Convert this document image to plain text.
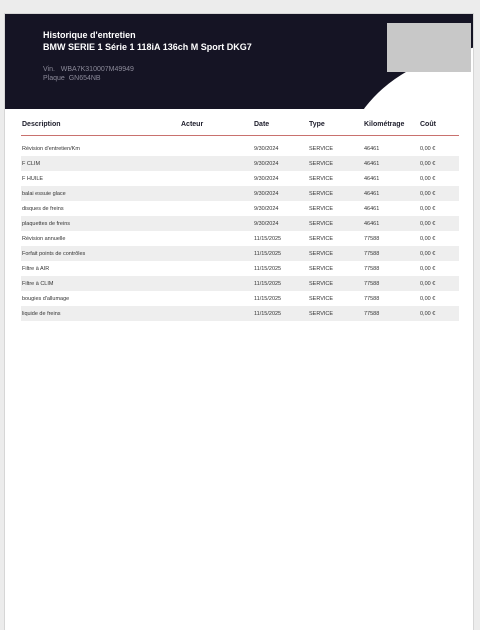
Historique d'entretien
BMW SERIE 1 Série 1 118iA 136ch M Sport DKG7
Vin. WBA7K310007M49949
Plaque GN654NB
Description	Acteur	Date	Type	Kilométrage	Coût

Révision d'entretien/Km		9/30/2024	SERVICE	46461	0,00 €
F CLIM		9/30/2024	SERVICE	46461	0,00 €
F HUILE		9/30/2024	SERVICE	46461	0,00 €
balai essuie glace		9/30/2024	SERVICE	46461	0,00 €
disques de freins		9/30/2024	SERVICE	46461	0,00 €
plaquettes de freins		9/30/2024	SERVICE	46461	0,00 €
Révision annuelle		11/15/2025	SERVICE	77588	0,00 €
Forfait points de contrôles		11/15/2025	SERVICE	77588	0,00 €
Filtre à AIR		11/15/2025	SERVICE	77588	0,00 €
Filtre à CLIM		11/15/2025	SERVICE	77588	0,00 €
bougies d'allumage		11/15/2025	SERVICE	77588	0,00 €
liquide de freins		11/15/2025	SERVICE	77588	0,00 €
